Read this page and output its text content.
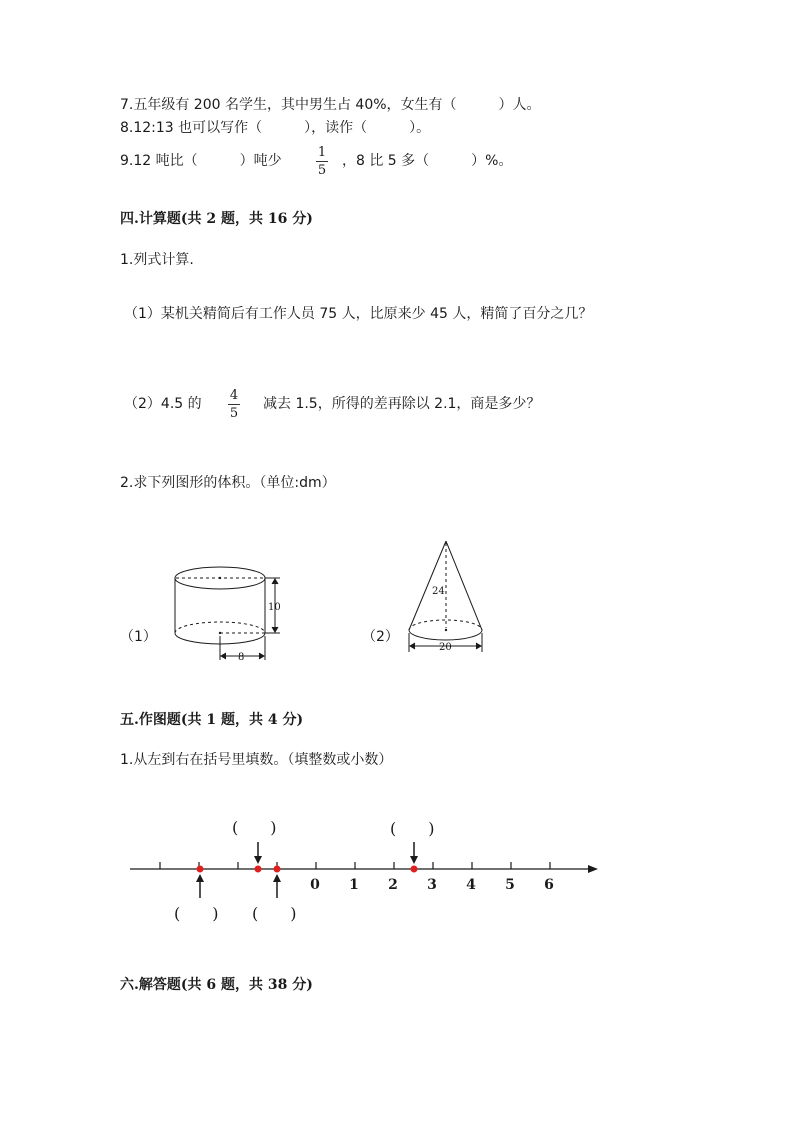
7.五年级有 200 名学生，其中男生占 40%，女生有（　　　）人。
8.12:13 也可以写作（　　　），读作（　　　）。
9.12 吨比（　　　）吨少
1
5
，8 比 5 多（　　　）%。
四.计算题(共 2 题，共 16 分)
1.列式计算.
（1）某机关精简后有工作人员 75 人，比原来少 45 人，精简了百分之几？
（2）4.5 的
4
5
减去 1.5，所得的差再除以 2.1，商是多少？
2.求下列图形的体积。（单位:dm）
（1）	（2）
10
8
24
20
五.作图题(共 1 题，共 4 分)
1.从左到右在括号里填数。（填整数或小数）
0 1 2 3 4 5 6
(　　)	(　　)
(　　) (　　)
六.解答题(共 6 题，共 38 分)
